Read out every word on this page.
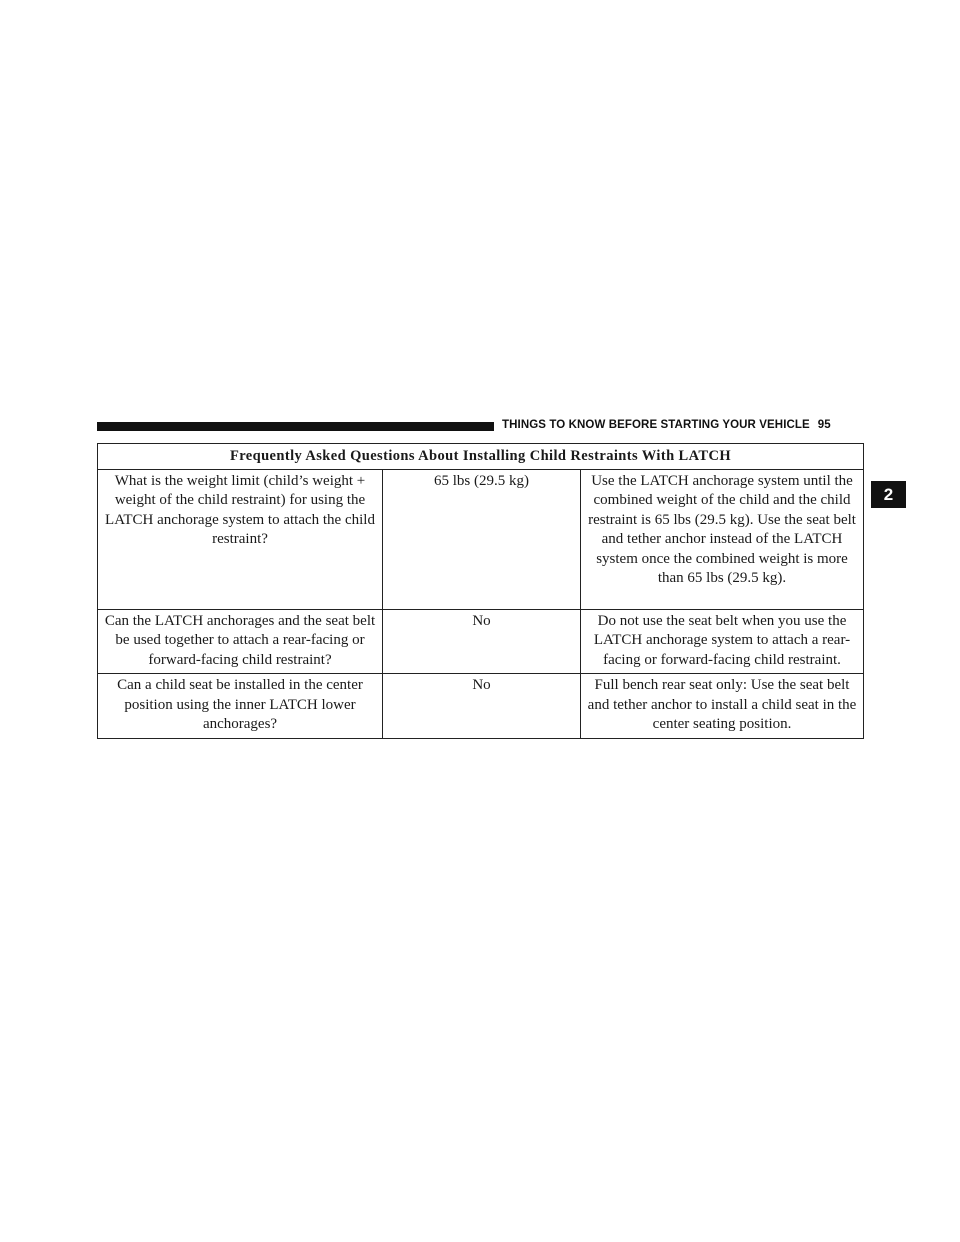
THINGS TO KNOW BEFORE STARTING YOUR VEHICLE 95
2
Frequently Asked Questions About Installing Child Restraints With LATCH		
What is the weight limit (child’s weight + weight of the child restraint) for using the LATCH anchorage system to attach the child restraint?	65 lbs (29.5 kg)	Use the LATCH anchorage system until the combined weight of the child and the child restraint is 65 lbs (29.5 kg). Use the seat belt and tether anchor instead of the LATCH system once the combined weight is more than 65 lbs (29.5 kg).
Can the LATCH anchorages and the seat belt be used together to attach a rear-facing or forward-facing child restraint?	No	Do not use the seat belt when you use the LATCH anchorage system to attach a rear-facing or forward-facing child restraint.
Can a child seat be installed in the center position using the inner LATCH lower anchorages?	No	Full bench rear seat only: Use the seat belt and tether anchor to install a child seat in the center seating position.
